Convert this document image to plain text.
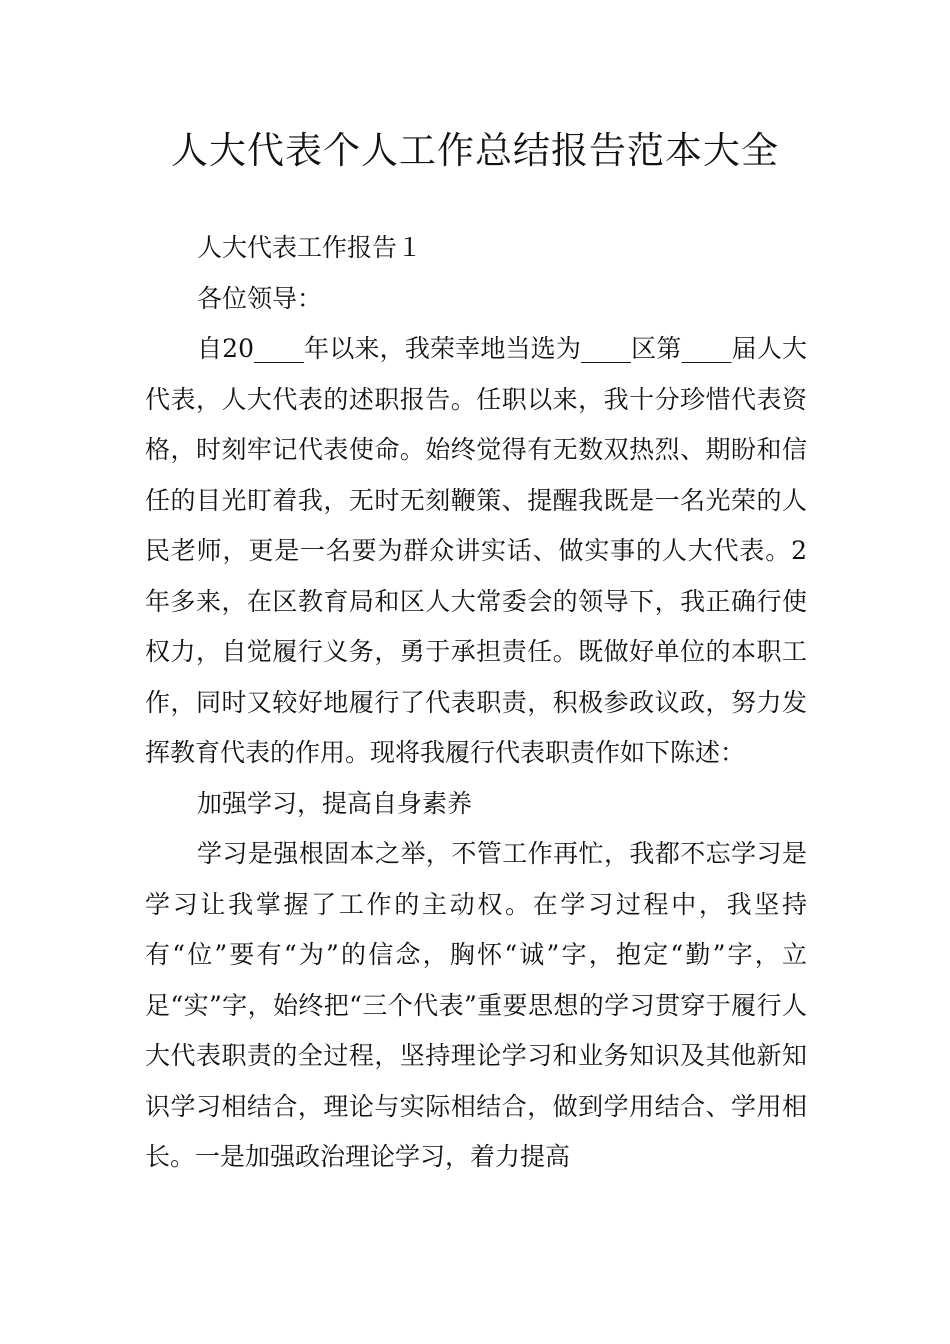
人大代表个人工作总结报告范本大全

人大代表工作报告１

各位领导：

自20____年以来，我荣幸地当选为____区第____届人大代表，人大代表的述职报告。任职以来，我十分珍惜代表资格，时刻牢记代表使命。始终觉得有无数双热烈、期盼和信任的目光盯着我，无时无刻鞭策、提醒我既是一名光荣的人民老师，更是一名要为群众讲实话、做实事的人大代表。2年多来，在区教育局和区人大常委会的领导下，我正确行使权力，自觉履行义务，勇于承担责任。既做好单位的本职工作，同时又较好地履行了代表职责，积极参政议政，努力发挥教育代表的作用。现将我履行代表职责作如下陈述：

加强学习，提高自身素养

学习是强根固本之举，不管工作再忙，我都不忘学习是学习让我掌握了工作的主动权。在学习过程中，我坚持有“位”要有“为”的信念，胸怀“诚”字，抱定“勤”字，立足“实”字，始终把“三个代表”重要思想的学习贯穿于履行人大代表职责的全过程，坚持理论学习和业务知识及其他新知识学习相结合，理论与实际相结合，做到学用结合、学用相长。一是加强政治理论学习，着力提高
